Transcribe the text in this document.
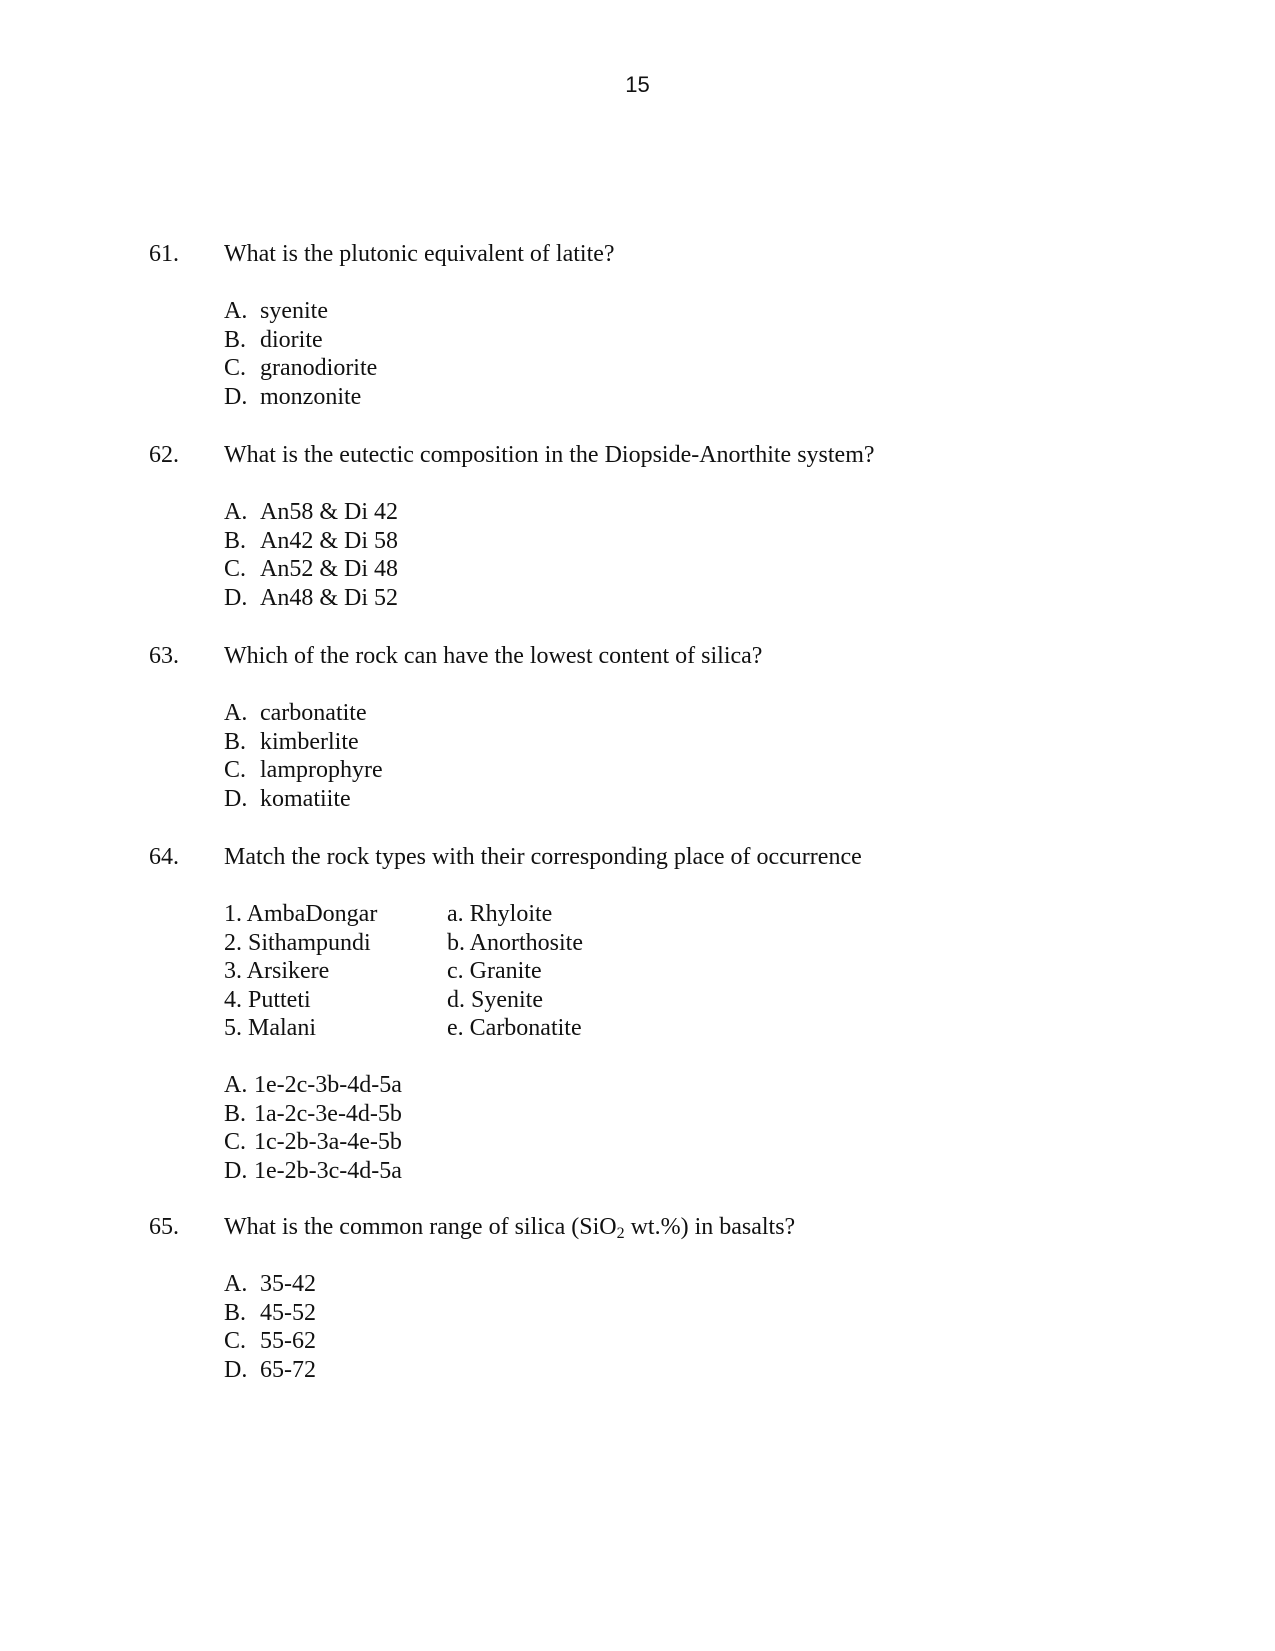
15
61. What is the plutonic equivalent of latite?
A. syenite
B. diorite
C. granodiorite
D. monzonite
62. What is the eutectic composition in the Diopside-Anorthite system?
A. An58 & Di 42
B. An42 & Di 58
C. An52 & Di 48
D. An48 & Di 52
63. Which of the rock can have the lowest content of silica?
A. carbonatite
B. kimberlite
C. lamprophyre
D. komatiite
64. Match the rock types with their corresponding place of occurrence
1. AmbaDongar
2. Sithampundi
3. Arsikere
4. Putteti
5. Malani
a. Rhyloite
b. Anorthosite
c. Granite
d. Syenite
e. Carbonatite
A. 1e-2c-3b-4d-5a
B. 1a-2c-3e-4d-5b
C. 1c-2b-3a-4e-5b
D. 1e-2b-3c-4d-5a
65. What is the common range of silica (SiO$_2$ wt.%) in basalts?
A. 35-42
B. 45-52
C. 55-62
D. 65-72
